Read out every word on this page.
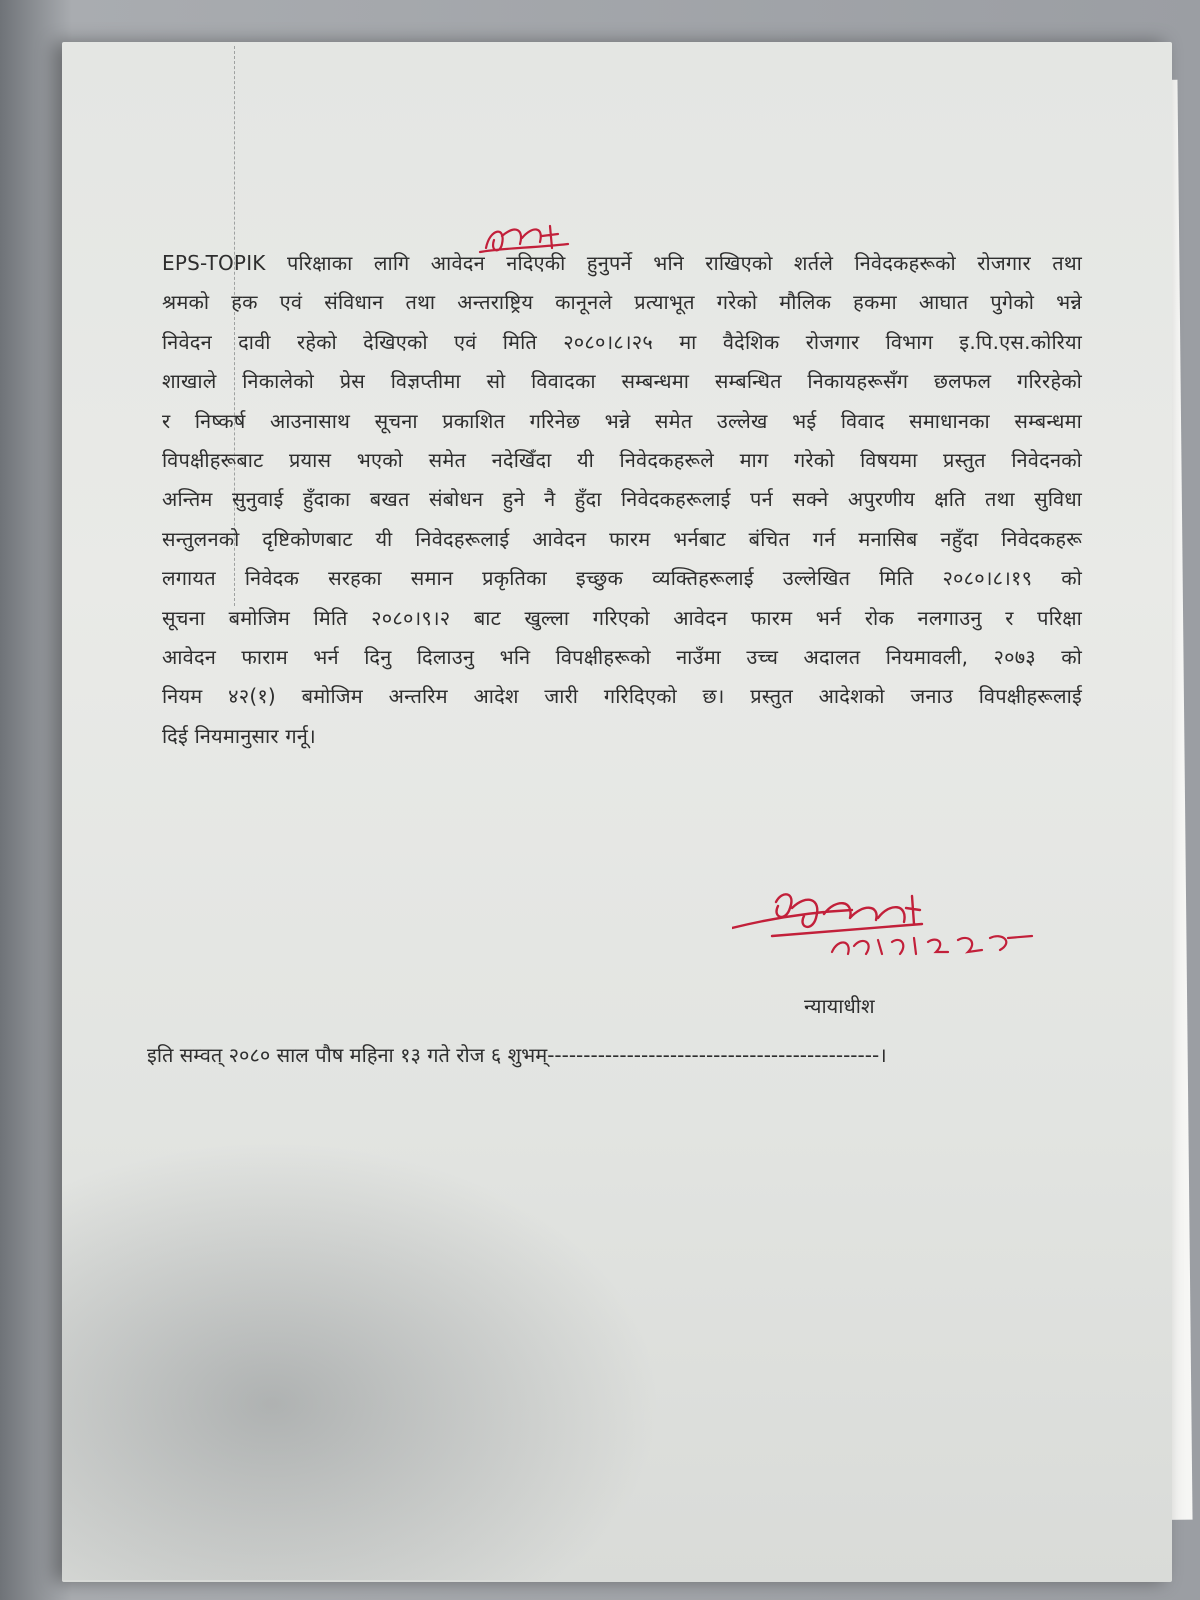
EPS-TOPIK परिक्षाका लागि आवेदन नदिएकी हुनुपर्ने भनि राखिएको शर्तले निवेदकहरूको रोजगार तथा
श्रमको हक एवं संविधान तथा अन्तराष्ट्रिय कानूनले प्रत्याभूत गरेको मौलिक हकमा आघात पुगेको भन्ने
निवेदन दावी रहेको देखिएको एवं मिति २०८०।८।२५ मा वैदेशिक रोजगार विभाग इ.पि.एस.कोरिया
शाखाले निकालेको प्रेस विज्ञप्तीमा सो विवादका सम्बन्धमा सम्बन्धित निकायहरूसँग छलफल गरिरहेको
र निष्कर्ष आउनासाथ सूचना प्रकाशित गरिनेछ भन्ने समेत उल्लेख भई विवाद समाधानका सम्बन्धमा
विपक्षीहरूबाट प्रयास भएको समेत नदेखिँदा यी निवेदकहरूले माग गरेको विषयमा प्रस्तुत निवेदनको
अन्तिम सुनुवाई हुँदाका बखत संबोधन हुने नै हुँदा निवेदकहरूलाई पर्न सक्ने अपुरणीय क्षति तथा सुविधा
सन्तुलनको दृष्टिकोणबाट यी निवेदहरूलाई आवेदन फारम भर्नबाट बंचित गर्न मनासिब नहुँदा निवेदकहरू
लगायत निवेदक सरहका समान प्रकृतिका इच्छुक व्यक्तिहरूलाई उल्लेखित मिति २०८०।८।१९ को
सूचना बमोजिम मिति २०८०।९।२ बाट खुल्ला गरिएको आवेदन फारम भर्न रोक नलगाउनु र परिक्षा
आवेदन फाराम भर्न दिनु दिलाउनु भनि विपक्षीहरूको नाउँमा उच्च अदालत नियमावली, २०७३ को
नियम ४२(१) बमोजिम अन्तरिम आदेश जारी गरिदिएको छ। प्रस्तुत आदेशको जनाउ विपक्षीहरूलाई
दिई नियमानुसार गर्नू।
न्यायाधीश
इति सम्वत् २०८० साल पौष महिना १३ गते रोज ६ शुभम्----------------------------------------------।
